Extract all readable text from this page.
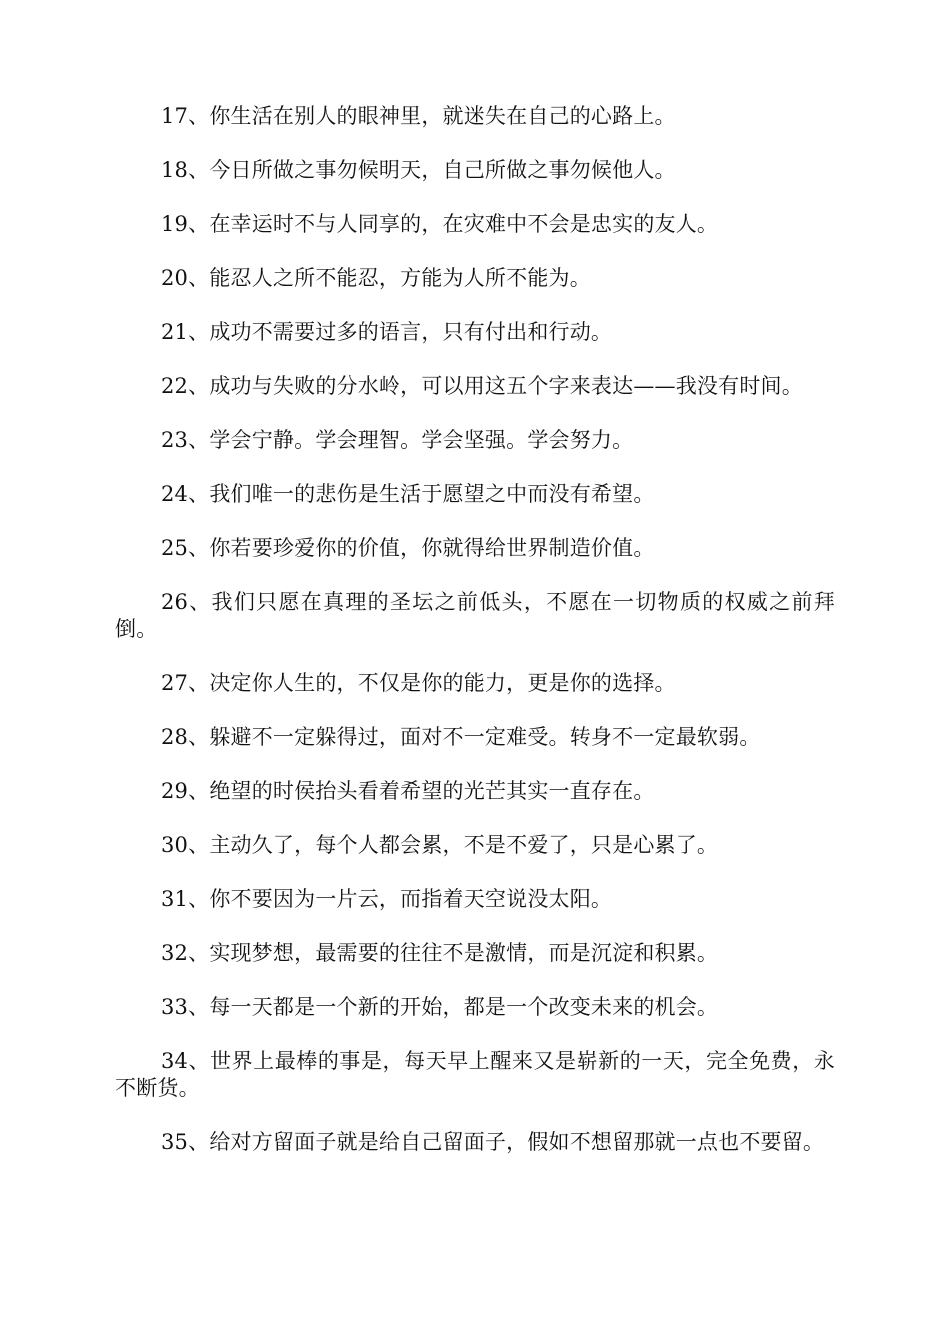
17、你生活在别人的眼神里，就迷失在自己的心路上。

18、今日所做之事勿候明天，自己所做之事勿候他人。

19、在幸运时不与人同享的，在灾难中不会是忠实的友人。

20、能忍人之所不能忍，方能为人所不能为。

21、成功不需要过多的语言，只有付出和行动。

22、成功与失败的分水岭，可以用这五个字来表达——我没有时间。

23、学会宁静。学会理智。学会坚强。学会努力。

24、我们唯一的悲伤是生活于愿望之中而没有希望。

25、你若要珍爱你的价值，你就得给世界制造价值。

26、我们只愿在真理的圣坛之前低头，不愿在一切物质的权威之前拜倒。

27、决定你人生的，不仅是你的能力，更是你的选择。

28、躲避不一定躲得过，面对不一定难受。转身不一定最软弱。

29、绝望的时侯抬头看着希望的光芒其实一直存在。

30、主动久了，每个人都会累，不是不爱了，只是心累了。

31、你不要因为一片云，而指着天空说没太阳。

32、实现梦想，最需要的往往不是激情，而是沉淀和积累。

33、每一天都是一个新的开始，都是一个改变未来的机会。

34、世界上最棒的事是，每天早上醒来又是崭新的一天，完全免费，永不断货。

35、给对方留面子就是给自己留面子，假如不想留那就一点也不要留。
